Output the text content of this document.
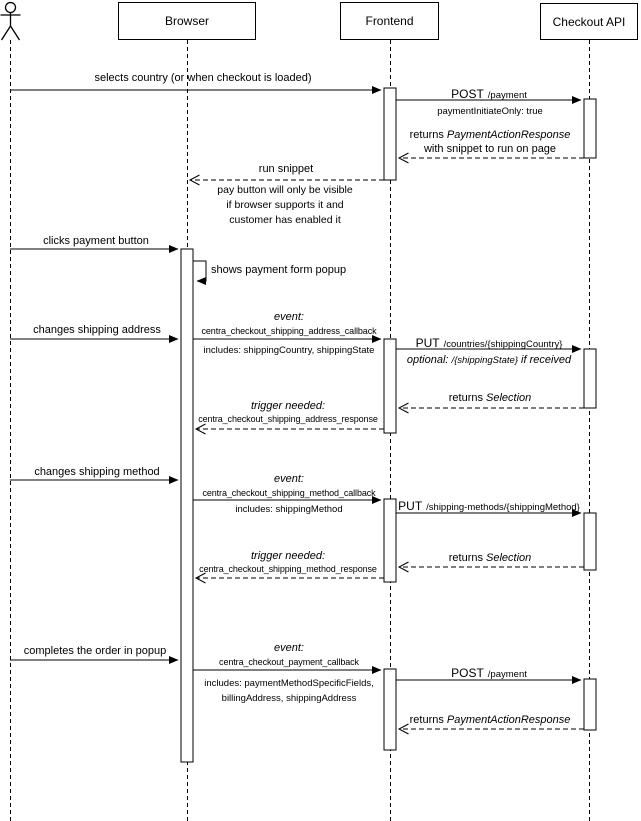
Browser	Frontend	Checkout API
selects country (or when checkout is loaded)
POST /payment
paymentInitiateOnly: true
returns PaymentActionResponse
with snippet to run on page
run snippet
pay button will only be visible
if browser supports it and
customer has enabled it
clicks payment button
shows payment form popup
changes shipping address
event:
centra_checkout_shipping_address_callback
includes: shippingCountry, shippingState
PUT /countries/{shippingCountry}
optional: /{shippingState} if received
returns Selection
trigger needed:
centra_checkout_shipping_address_response
changes shipping method
event:
centra_checkout_shipping_method_callback
includes: shippingMethod	PUT /shipping-methods/{shippingMethod}
returns Selection
trigger needed:
centra_checkout_shipping_method_response
completes the order in popup	event:
centra_checkout_payment_callback
includes: paymentMethodSpecificFields,
billingAddress, shippingAddress
POST /payment
returns PaymentActionResponse
